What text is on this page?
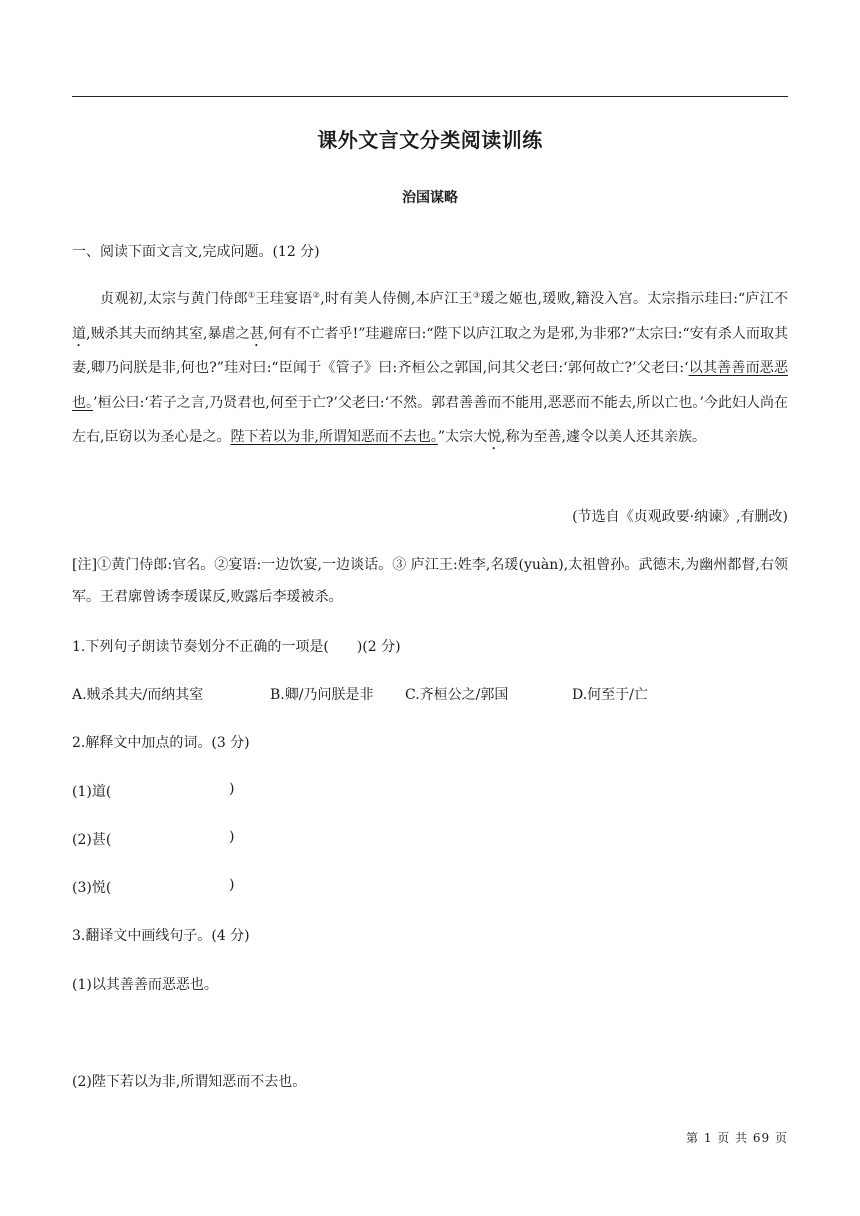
课外文言文分类阅读训练
治国谋略
一、阅读下面文言文,完成问题。(12 分)

贞观初,太宗与黄门侍郎①王珪宴语②,时有美人侍侧,本庐江王③瑗之姬也,瑗败,籍没入宫。太宗指示珪曰:“庐江不道,贼杀其夫而纳其室,暴虐之甚,何有不亡者乎!”珪避席曰:“陛下以庐江取之为是邪,为非邪?”太宗曰:“安有杀人而取其妻,卿乃问朕是非,何也?”珪对曰:“臣闻于《管子》曰:齐桓公之郭国,问其父老曰:‘郭何故亡?’父老曰:‘以其善善而恶恶也。’桓公曰:‘若子之言,乃贤君也,何至于亡?’父老曰:‘不然。郭君善善而不能用,恶恶而不能去,所以亡也。’今此妇人尚在左右,臣窃以为圣心是之。陛下若以为非,所谓知恶而不去也。”太宗大悦,称为至善,遽令以美人还其亲族。

(节选自《贞观政要·纳谏》,有删改)

[注]①黄门侍郎:官名。②宴语:一边饮宴,一边谈话。③ 庐江王:姓李,名瑗(yuàn),太祖曾孙。武德末,为幽州都督,右领军。王君廓曾诱李瑗谋反,败露后李瑗被杀。

1.下列句子朗读节奏划分不正确的一项是(　　)(2 分)
A.贼杀其夫/而纳其室	B.卿/乃问朕是非 C.齐桓公之/郭国	D.何至于/亡
2.解释文中加点的词。(3 分)
(1)道(	)
(2)甚(	)
(3)悦(	)
3.翻译文中画线句子。(4 分)
(1)以其善善而恶恶也。
(2)陛下若以为非,所谓知恶而不去也。
第 1 页 共 69 页
